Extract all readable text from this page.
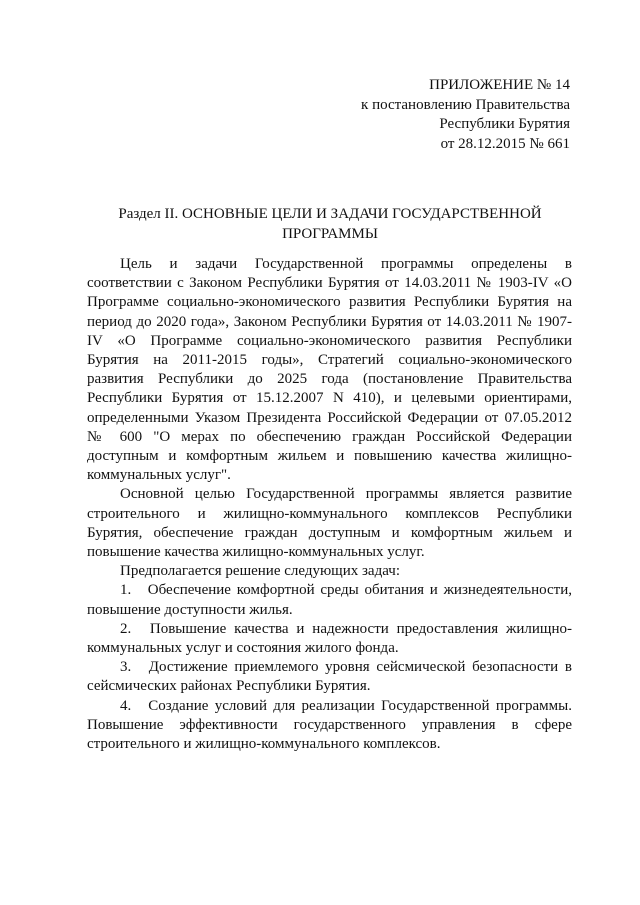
ПРИЛОЖЕНИЕ № 14
к постановлению Правительства
Республики Бурятия
от 28.12.2015 № 661
Раздел II. ОСНОВНЫЕ ЦЕЛИ И ЗАДАЧИ ГОСУДАРСТВЕННОЙ
ПРОГРАММЫ

Цель и задачи Государственной программы определены в соответствии с Законом Республики Бурятия от 14.03.2011 № 1903-IV «О Программе социально-экономического развития Республики Бурятия на период до 2020 года», Законом Республики Бурятия от 14.03.2011 № 1907-IV «О Программе социально-экономического развития Республики Бурятия на 2011-2015 годы», Стратегий социально-экономического развития Республики до 2025 года (постановление Правительства Республики Бурятия от 15.12.2007 N 410), и целевыми ориентирами, определенными Указом Президента Российской Федерации от 07.05.2012 № 600 "О мерах по обеспечению граждан Российской Федерации доступным и комфортным жильем и повышению качества жилищно-коммунальных услуг".

Основной целью Государственной программы является развитие строительного и жилищно-коммунального комплексов Республики Бурятия, обеспечение граждан доступным и комфортным жильем и повышение качества жилищно-коммунальных услуг.

Предполагается решение следующих задач:

1. Обеспечение комфортной среды обитания и жизнедеятельности, повышение доступности жилья.

2. Повышение качества и надежности предоставления жилищно-коммунальных услуг и состояния жилого фонда.

3. Достижение приемлемого уровня сейсмической безопасности в сейсмических районах Республики Бурятия.

4. Создание условий для реализации Государственной программы. Повышение эффективности государственного управления в сфере строительного и жилищно-коммунального комплексов.
